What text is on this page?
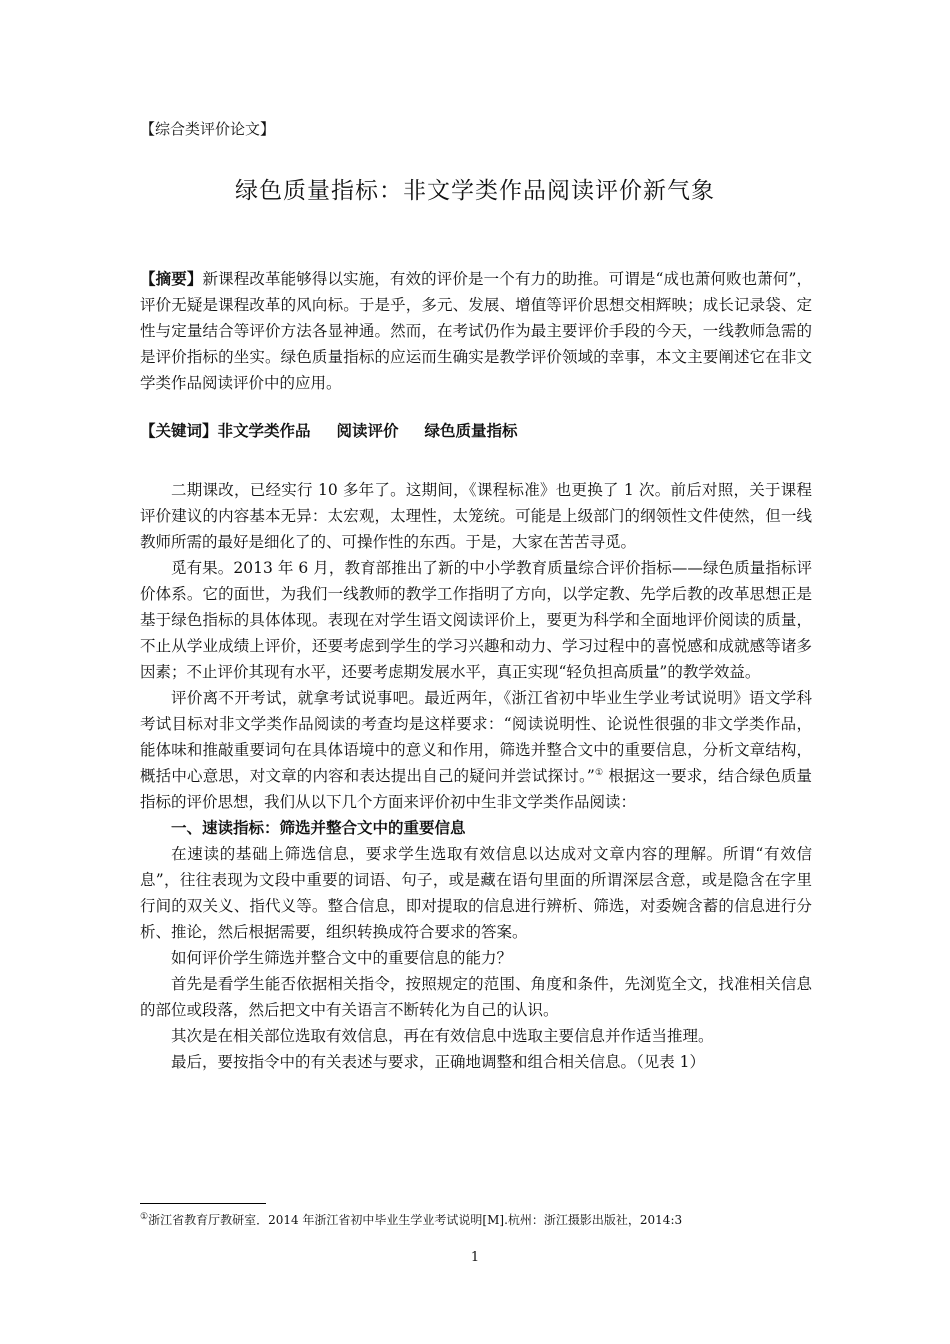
【综合类评价论文】
绿色质量指标：非文学类作品阅读评价新气象
【摘要】新课程改革能够得以实施，有效的评价是一个有力的助推。可谓是“成也萧何败也萧何”，评价无疑是课程改革的风向标。于是乎，多元、发展、增值等评价思想交相辉映；成长记录袋、定性与定量结合等评价方法各显神通。然而，在考试仍作为最主要评价手段的今天，一线教师急需的是评价指标的坐实。绿色质量指标的应运而生确实是教学评价领域的幸事，本文主要阐述它在非文学类作品阅读评价中的应用。
【关键词】非文学类作品 阅读评价 绿色质量指标

二期课改，已经实行 10 多年了。这期间，《课程标准》也更换了 1 次。前后对照，关于课程评价建议的内容基本无异：太宏观，太理性，太笼统。可能是上级部门的纲领性文件使然，但一线教师所需的最好是细化了的、可操作性的东西。于是，大家在苦苦寻觅。

觅有果。2013 年 6 月，教育部推出了新的中小学教育质量综合评价指标——绿色质量指标评价体系。它的面世，为我们一线教师的教学工作指明了方向，以学定教、先学后教的改革思想正是基于绿色指标的具体体现。表现在对学生语文阅读评价上，要更为科学和全面地评价阅读的质量，不止从学业成绩上评价，还要考虑到学生的学习兴趣和动力、学习过程中的喜悦感和成就感等诸多因素；不止评价其现有水平，还要考虑期发展水平，真正实现“轻负担高质量”的教学效益。

评价离不开考试，就拿考试说事吧。最近两年，《浙江省初中毕业生学业考试说明》语文学科考试目标对非文学类作品阅读的考查均是这样要求：“阅读说明性、论说性很强的非文学类作品，能体味和推敲重要词句在具体语境中的意义和作用，筛选并整合文中的重要信息，分析文章结构，概括中心意思，对文章的内容和表达提出自己的疑问并尝试探讨。”① 根据这一要求，结合绿色质量指标的评价思想，我们从以下几个方面来评价初中生非文学类作品阅读：

一、速读指标：筛选并整合文中的重要信息

在速读的基础上筛选信息，要求学生选取有效信息以达成对文章内容的理解。所谓“有效信息”，往往表现为文段中重要的词语、句子，或是藏在语句里面的所谓深层含意，或是隐含在字里行间的双关义、指代义等。整合信息，即对提取的信息进行辨析、筛选，对委婉含蓄的信息进行分析、推论，然后根据需要，组织转换成符合要求的答案。

如何评价学生筛选并整合文中的重要信息的能力？

首先是看学生能否依据相关指令，按照规定的范围、角度和条件，先浏览全文，找准相关信息的部位或段落，然后把文中有关语言不断转化为自己的认识。

其次是在相关部位选取有效信息，再在有效信息中选取主要信息并作适当推理。

最后，要按指令中的有关表述与要求，正确地调整和组合相关信息。（见表 1）

①浙江省教育厅教研室．2014 年浙江省初中毕业生学业考试说明[M].杭州：浙江摄影出版社，2014:3
1
